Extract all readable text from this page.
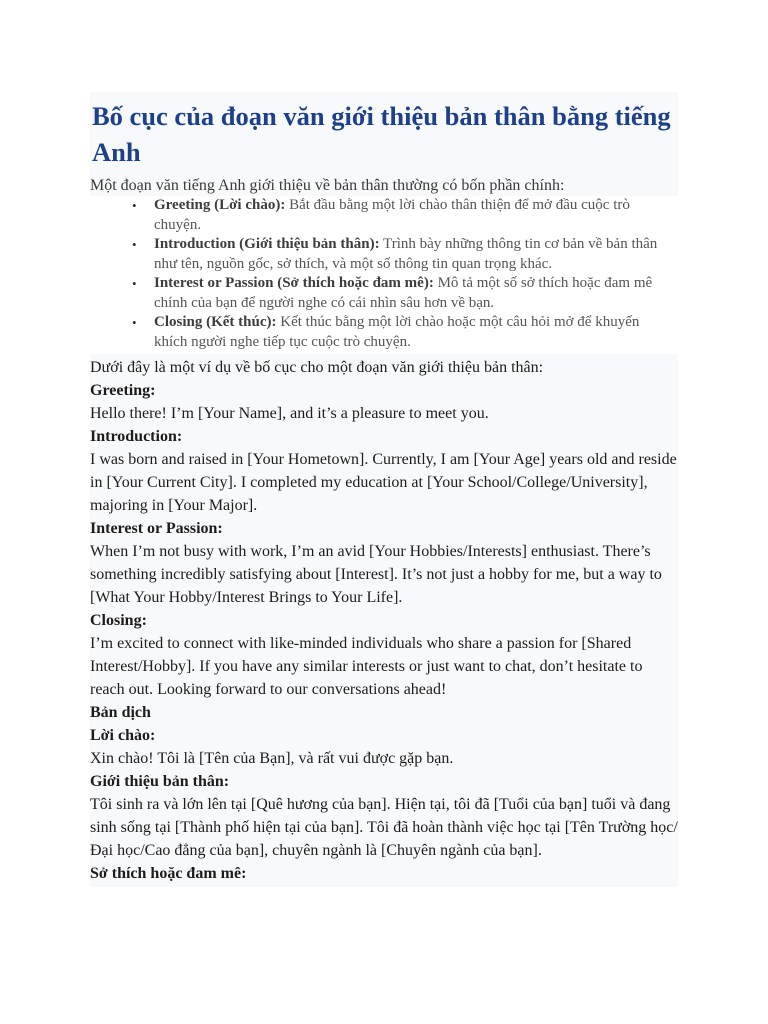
Bố cục của đoạn văn giới thiệu bản thân bằng tiếng Anh
Một đoạn văn tiếng Anh giới thiệu về bản thân thường có bốn phần chính:
• Greeting (Lời chào): Bắt đầu bằng một lời chào thân thiện để mở đầu cuộc trò chuyện.
• Introduction (Giới thiệu bản thân): Trình bày những thông tin cơ bản về bản thân như tên, nguồn gốc, sở thích, và một số thông tin quan trọng khác.
• Interest or Passion (Sở thích hoặc đam mê): Mô tả một số sở thích hoặc đam mê chính của bạn để người nghe có cái nhìn sâu hơn về bạn.
• Closing (Kết thúc): Kết thúc bằng một lời chào hoặc một câu hỏi mở để khuyến khích người nghe tiếp tục cuộc trò chuyện.

Dưới đây là một ví dụ về bố cục cho một đoạn văn giới thiệu bản thân:

Greeting:

Hello there! I’m [Your Name], and it’s a pleasure to meet you.

Introduction:

I was born and raised in [Your Hometown]. Currently, I am [Your Age] years old and reside in [Your Current City]. I completed my education at [Your School/College/University], majoring in [Your Major].

Interest or Passion:

When I’m not busy with work, I’m an avid [Your Hobbies/Interests] enthusiast. There’s something incredibly satisfying about [Interest]. It’s not just a hobby for me, but a way to [What Your Hobby/Interest Brings to Your Life].

Closing:

I’m excited to connect with like-minded individuals who share a passion for [Shared Interest/Hobby]. If you have any similar interests or just want to chat, don’t hesitate to reach out. Looking forward to our conversations ahead!

Bản dịch

Lời chào:

Xin chào! Tôi là [Tên của Bạn], và rất vui được gặp bạn.

Giới thiệu bản thân:

Tôi sinh ra và lớn lên tại [Quê hương của bạn]. Hiện tại, tôi đã [Tuổi của bạn] tuổi và đang sinh sống tại [Thành phố hiện tại của bạn]. Tôi đã hoàn thành việc học tại [Tên Trường học/Đại học/Cao đẳng của bạn], chuyên ngành là [Chuyên ngành của bạn].

Sở thích hoặc đam mê:
